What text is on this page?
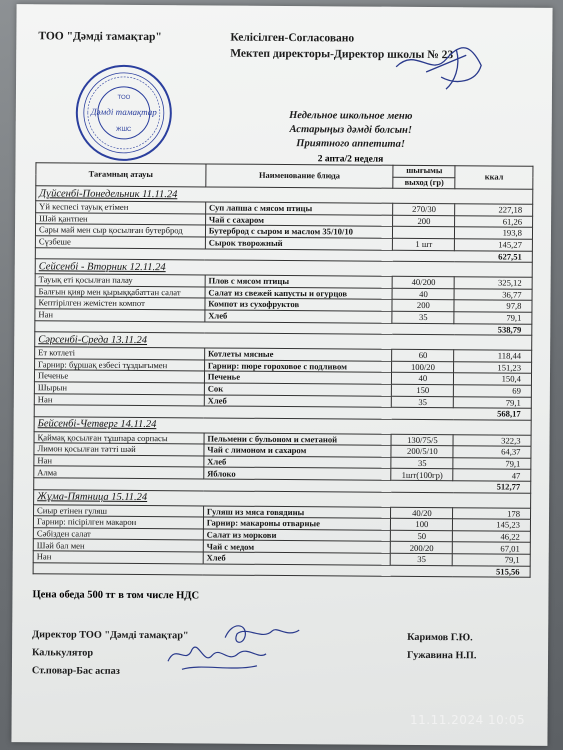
ТОО "Дәмді тамақтар"	Келісілген-Согласовано
Мектеп директоры-Директор школы № 23
ТОО
Дәмді тамақтар
ЖШС
Недельное школьное меню
Астарыңыз дәмді болсын!
Приятного аппетита!
2 апта/2 неделя
Тағамның атауы	Наименование блюда	шығымы	ккал
		выход (гр)	
Дүйсенбі-Понедельник 11.11.24			
Үй кеспесі тауық етімен	Суп лапша с мясом птицы	270/30	227,18
Шәй қантпен	Чай с сахаром	200	61,26
Сары май мен сыр қосылған бутерброд	Бутерброд с сыром и маслом 35/10/10		193,8
Сүзбеше	Сырок творожный	1 шт	145,27
627,51			
Сейсенбі - Вторник 12.11.24			
Тауық еті қосылған палау	Плов с мясом птицы	40/200	325,12
Балғын қияр мен қырыққабаттан салат	Салат из свежей капусты и огурцов	40	36,77
Кептірілген жемістен компот	Компот из сухофруктов	200	97,8
Нан	Хлеб	35	79,1
538,79			
Сәрсенбі-Среда 13.11.24			
Ет котлеті	Котлеты мясные	60	118,44
Гарнир: бұршақ езбесі тұздығымен	Гарнир: пюре гороховое с подливом	100/20	151,23
Печенье	Печенье	40	150,4
Шырын	Сок	150	69
Нан	Хлеб	35	79,1
568,17			
Бейсенбі-Четверг 14.11.24			
Қаймақ қосылған тұшпара сорпасы	Пельмени с бульоном и сметаной	130/75/5	322,3
Лимон қосылған тәтті шәй	Чай с лимоном и сахаром	200/5/10	64,37
Нан	Хлеб	35	79,1
Алма	Яблоко	1шт(100гр)	47
512,77			
Жұма-Пятница 15.11.24			
Сиыр етінен гуляш	Гуляш из мяса говядины	40/20	178
Гарнир: пісірілген макарон	Гарнир: макароны отварные	100	145,23
Сәбізден салат	Салат из моркови	50	46,22
Шәй бал мен	Чай с медом	200/20	67,01
Нан	Хлеб	35	79,1
515,56			
Цена обеда 500 тг в том числе НДС
Директор ТОО "Дәмді тамақтар"	Каримов Г.Ю.
Калькулятор	Гужавина Н.П.
Ст.повар-Бас аспаз
11.11.2024 10:05
